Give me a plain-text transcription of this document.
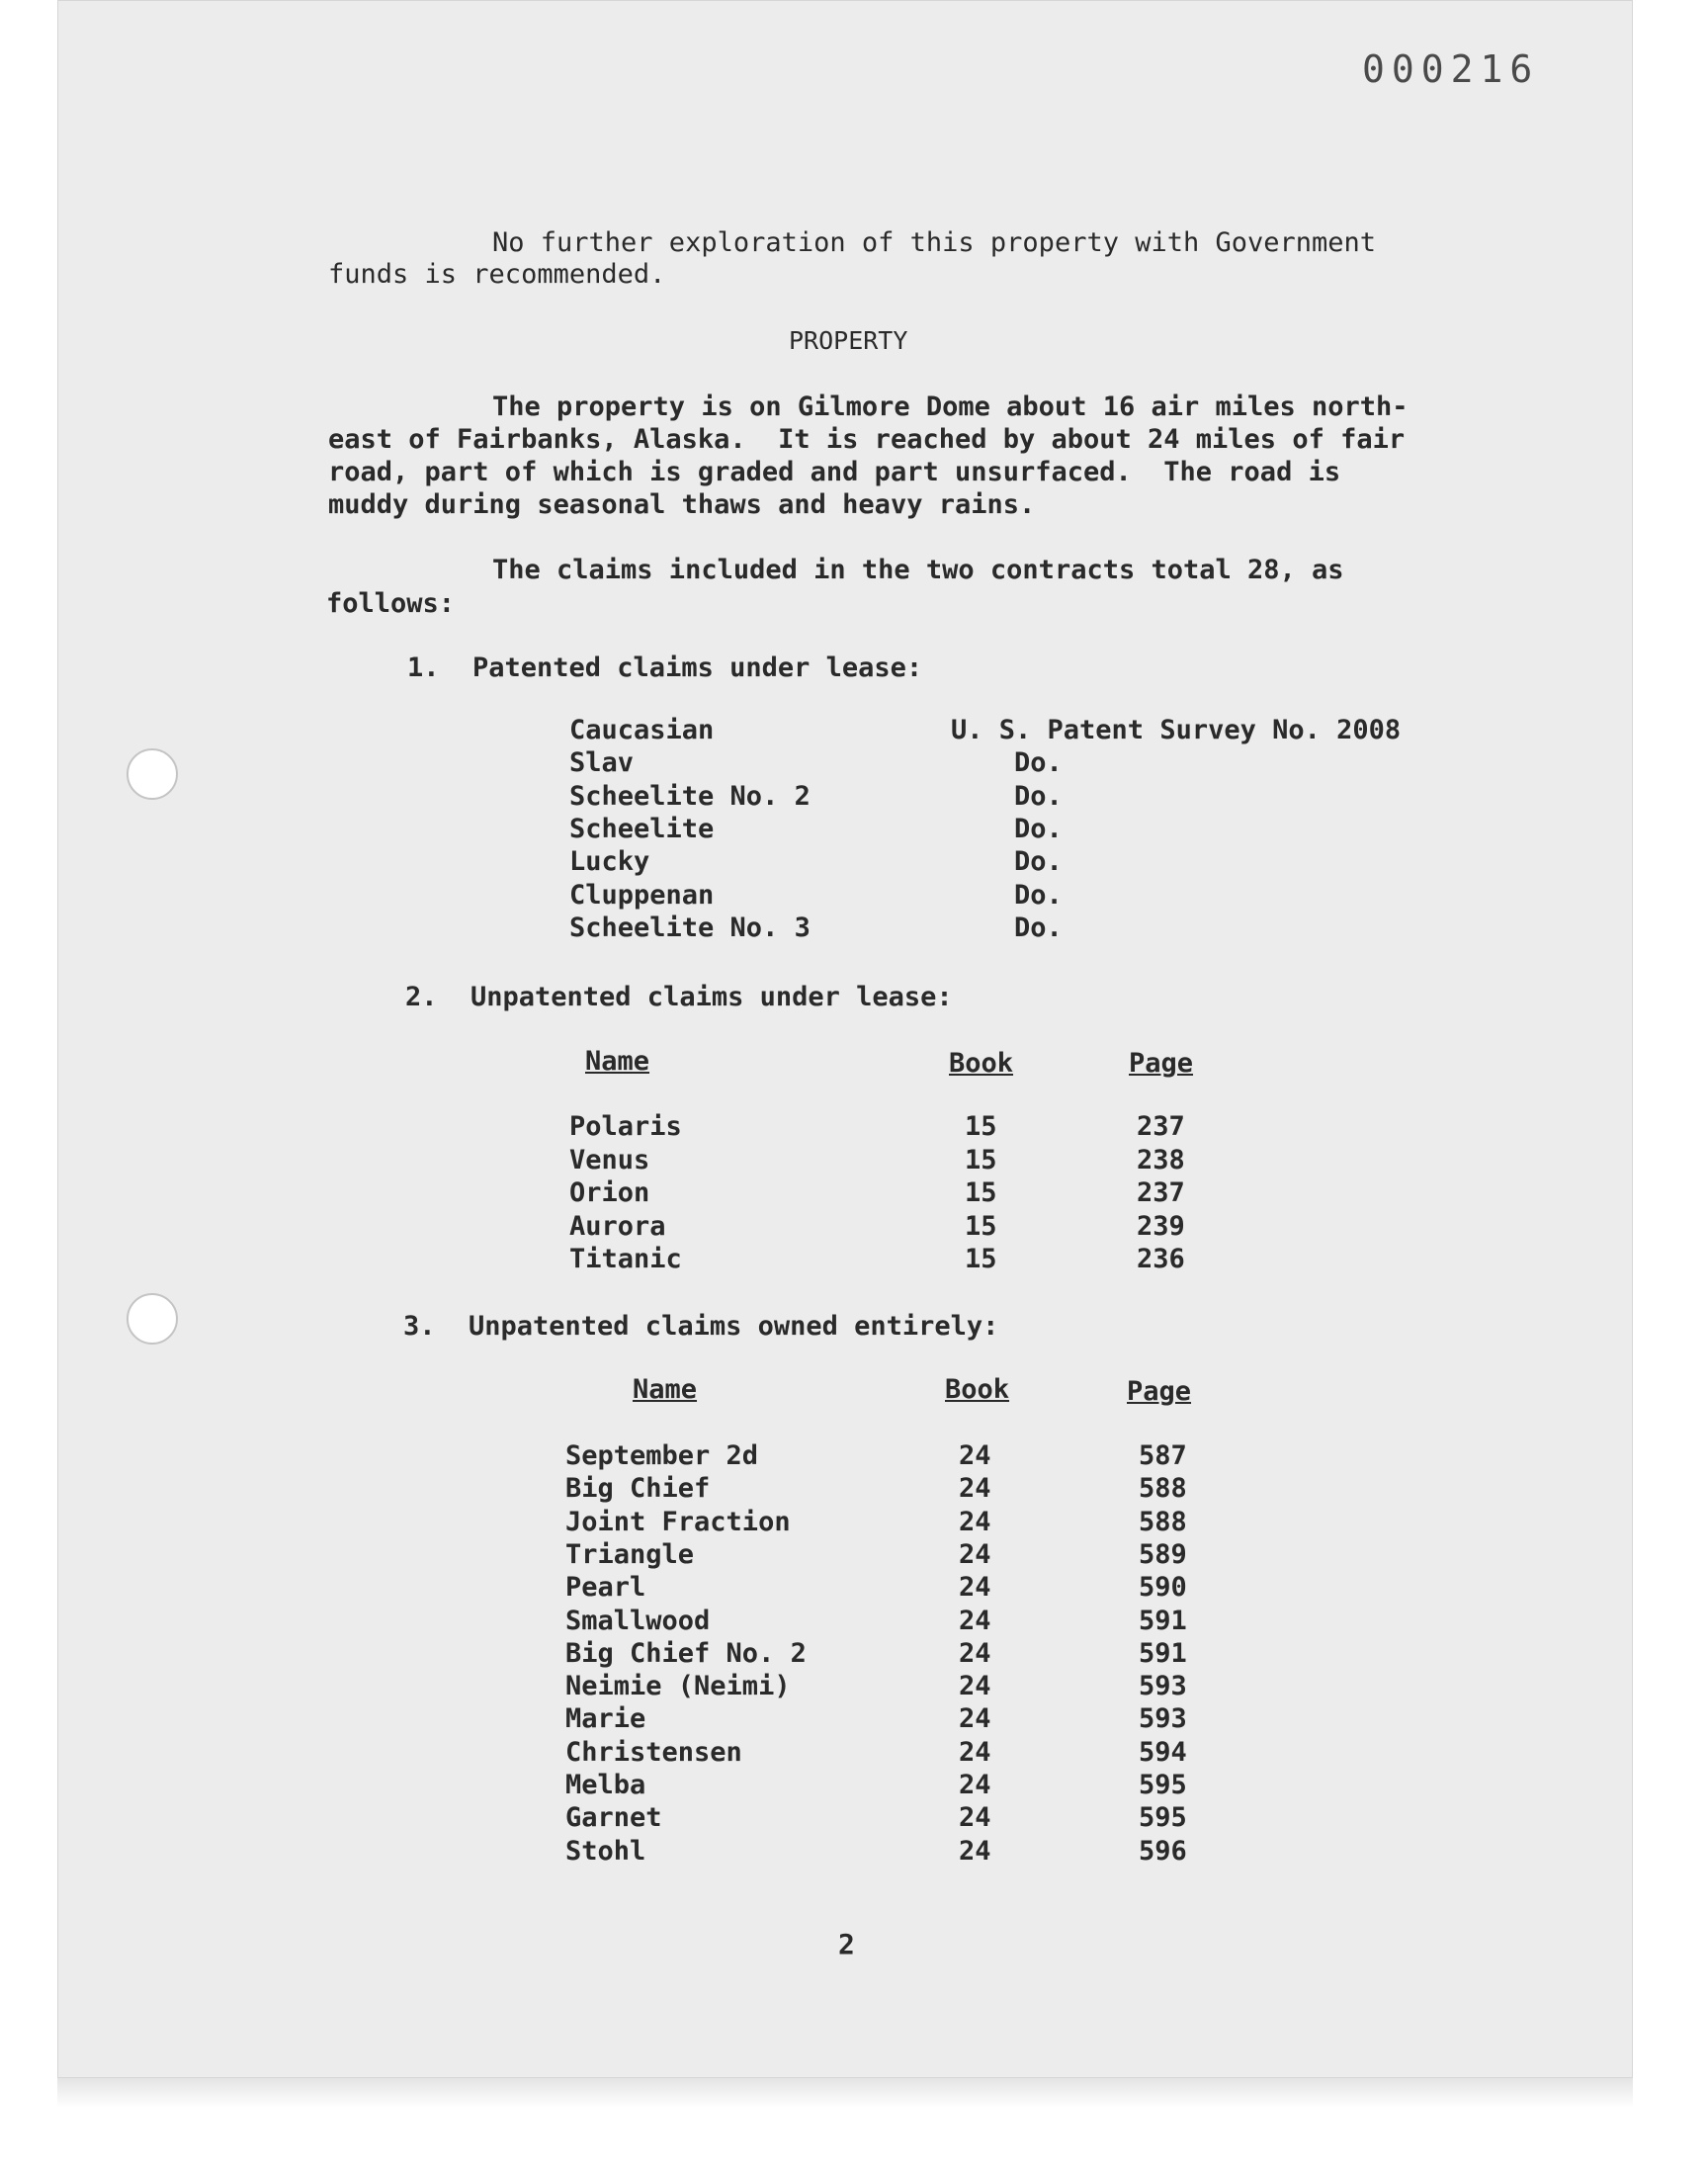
000216
No further exploration of this property with Government
funds is recommended.
PROPERTY
The property is on Gilmore Dome about 16 air miles north-
east of Fairbanks, Alaska.  It is reached by about 24 miles of fair
road, part of which is graded and part unsurfaced.  The road is
muddy during seasonal thaws and heavy rains.
The claims included in the two contracts total 28, as
follows:
1. Patented claims under lease:
Caucasian	U. S. Patent Survey No. 2008
Slav	Do.
Scheelite No. 2	Do.
Scheelite	Do.
Lucky	Do.
Cluppenan	Do.
Scheelite No. 3	Do.
2. Unpatented claims under lease:
Name	Book	Page
Polaris	15	237
Venus	15	238
Orion	15	237
Aurora	15	239
Titanic	15	236
3. Unpatented claims owned entirely:
Name	Book	Page
September 2d	24	587
Big Chief	24	588
Joint Fraction	24	588
Triangle	24	589
Pearl	24	590
Smallwood	24	591
Big Chief No. 2	24	591
Neimie (Neimi)	24	593
Marie	24	593
Christensen	24	594
Melba	24	595
Garnet	24	595
Stohl	24	596
2
